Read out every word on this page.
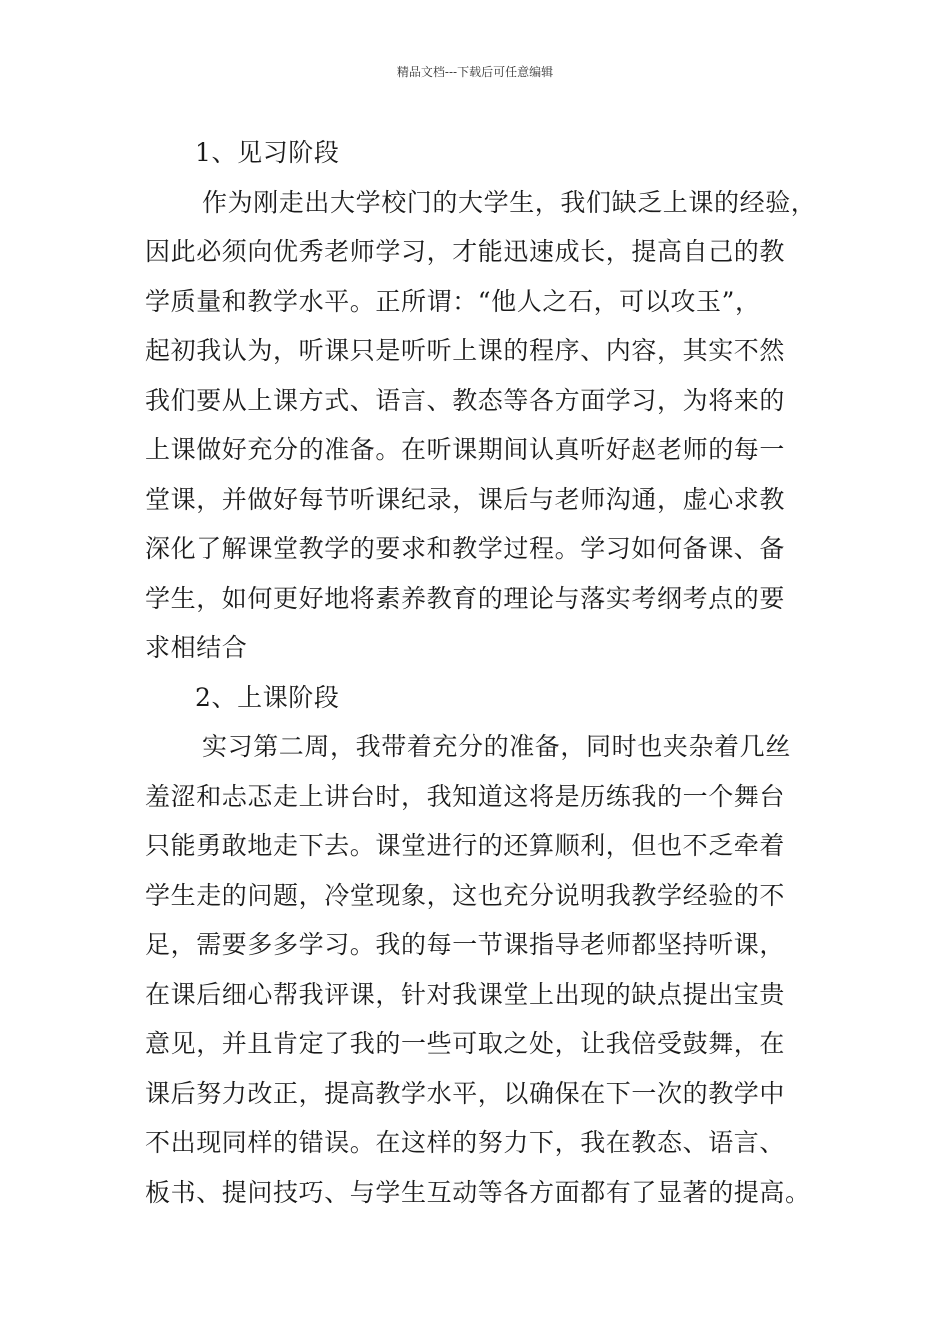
精品文档---下载后可任意编辑
1、见习阶段
作为刚走出大学校门的大学生，我们缺乏上课的经验，
因此必须向优秀老师学习，才能迅速成长，提高自己的教
学质量和教学水平。正所谓：“他人之石，可以攻玉”，
起初我认为，听课只是听听上课的程序、内容，其实不然
我们要从上课方式、语言、教态等各方面学习，为将来的
上课做好充分的准备。在听课期间认真听好赵老师的每一
堂课，并做好每节听课纪录，课后与老师沟通，虚心求教
深化了解课堂教学的要求和教学过程。学习如何备课、备
学生，如何更好地将素养教育的理论与落实考纲考点的要
求相结合
2、上课阶段
实习第二周，我带着充分的准备，同时也夹杂着几丝
羞涩和忐忑走上讲台时，我知道这将是历练我的一个舞台
只能勇敢地走下去。课堂进行的还算顺利，但也不乏牵着
学生走的问题，冷堂现象，这也充分说明我教学经验的不
足，需要多多学习。我的每一节课指导老师都坚持听课，
在课后细心帮我评课，针对我课堂上出现的缺点提出宝贵
意见，并且肯定了我的一些可取之处，让我倍受鼓舞，在
课后努力改正，提高教学水平，以确保在下一次的教学中
不出现同样的错误。在这样的努力下，我在教态、语言、
板书、提问技巧、与学生互动等各方面都有了显著的提高。
